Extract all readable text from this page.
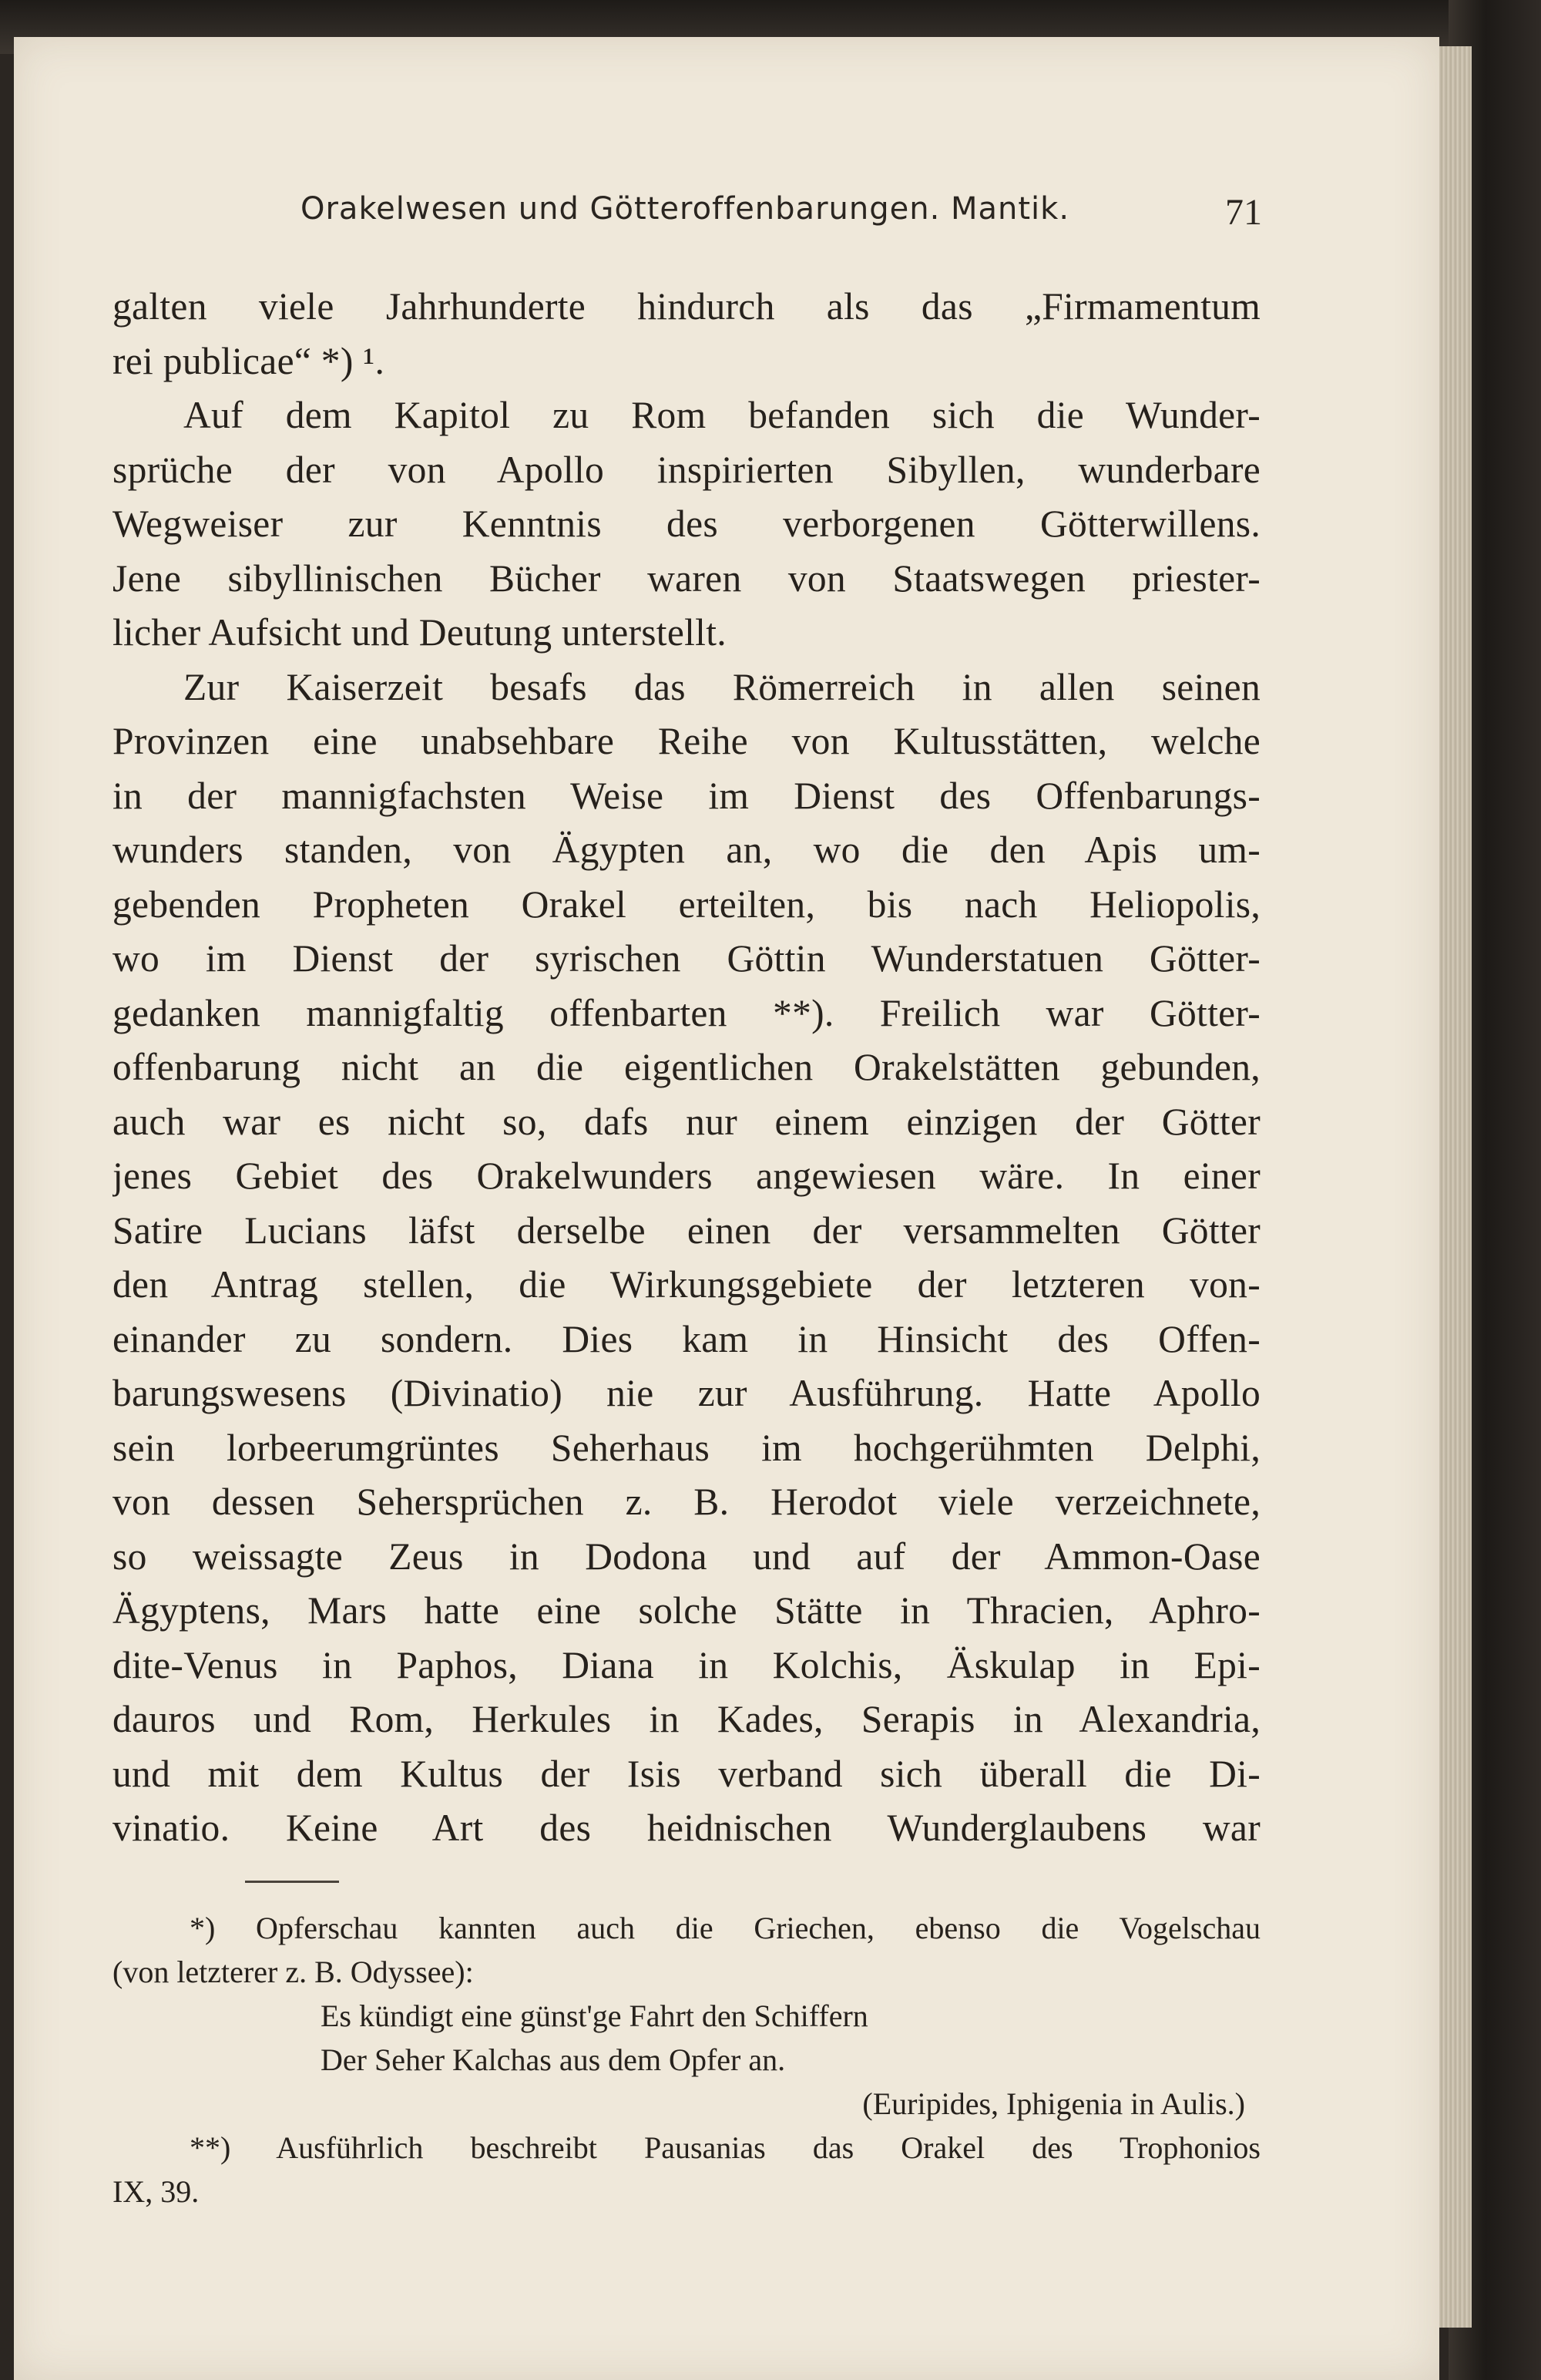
Orakelwesen und Götteroffenbarungen. Mantik.	71
galten viele Jahrhunderte hindurch als das „Firmamentum
rei publicae“ *) ¹.
Auf dem Kapitol zu Rom befanden sich die Wunder-
sprüche der von Apollo inspirierten Sibyllen, wunderbare
Wegweiser zur Kenntnis des verborgenen Götterwillens.
Jene sibyllinischen Bücher waren von Staatswegen priester-
licher Aufsicht und Deutung unterstellt.
Zur Kaiserzeit besafs das Römerreich in allen seinen
Provinzen eine unabsehbare Reihe von Kultusstätten, welche
in der mannigfachsten Weise im Dienst des Offenbarungs-
wunders standen, von Ägypten an, wo die den Apis um-
gebenden Propheten Orakel erteilten, bis nach Heliopolis,
wo im Dienst der syrischen Göttin Wunderstatuen Götter-
gedanken mannigfaltig offenbarten **). Freilich war Götter-
offenbarung nicht an die eigentlichen Orakelstätten gebunden,
auch war es nicht so, dafs nur einem einzigen der Götter
jenes Gebiet des Orakelwunders angewiesen wäre. In einer
Satire Lucians läfst derselbe einen der versammelten Götter
den Antrag stellen, die Wirkungsgebiete der letzteren von-
einander zu sondern. Dies kam in Hinsicht des Offen-
barungswesens (Divinatio) nie zur Ausführung. Hatte Apollo
sein lorbeerumgrüntes Seherhaus im hochgerühmten Delphi,
von dessen Sehersprüchen z. B. Herodot viele verzeichnete,
so weissagte Zeus in Dodona und auf der Ammon-Oase
Ägyptens, Mars hatte eine solche Stätte in Thracien, Aphro-
dite-Venus in Paphos, Diana in Kolchis, Äskulap in Epi-
dauros und Rom, Herkules in Kades, Serapis in Alexandria,
und mit dem Kultus der Isis verband sich überall die Di-
vinatio. Keine Art des heidnischen Wunderglaubens war
*) Opferschau kannten auch die Griechen, ebenso die Vogelschau
(von letzterer z. B. Odyssee):
Es kündigt eine günst'ge Fahrt den Schiffern
Der Seher Kalchas aus dem Opfer an.
(Euripides, Iphigenia in Aulis.)
**) Ausführlich beschreibt Pausanias das Orakel des Trophonios
IX, 39.
